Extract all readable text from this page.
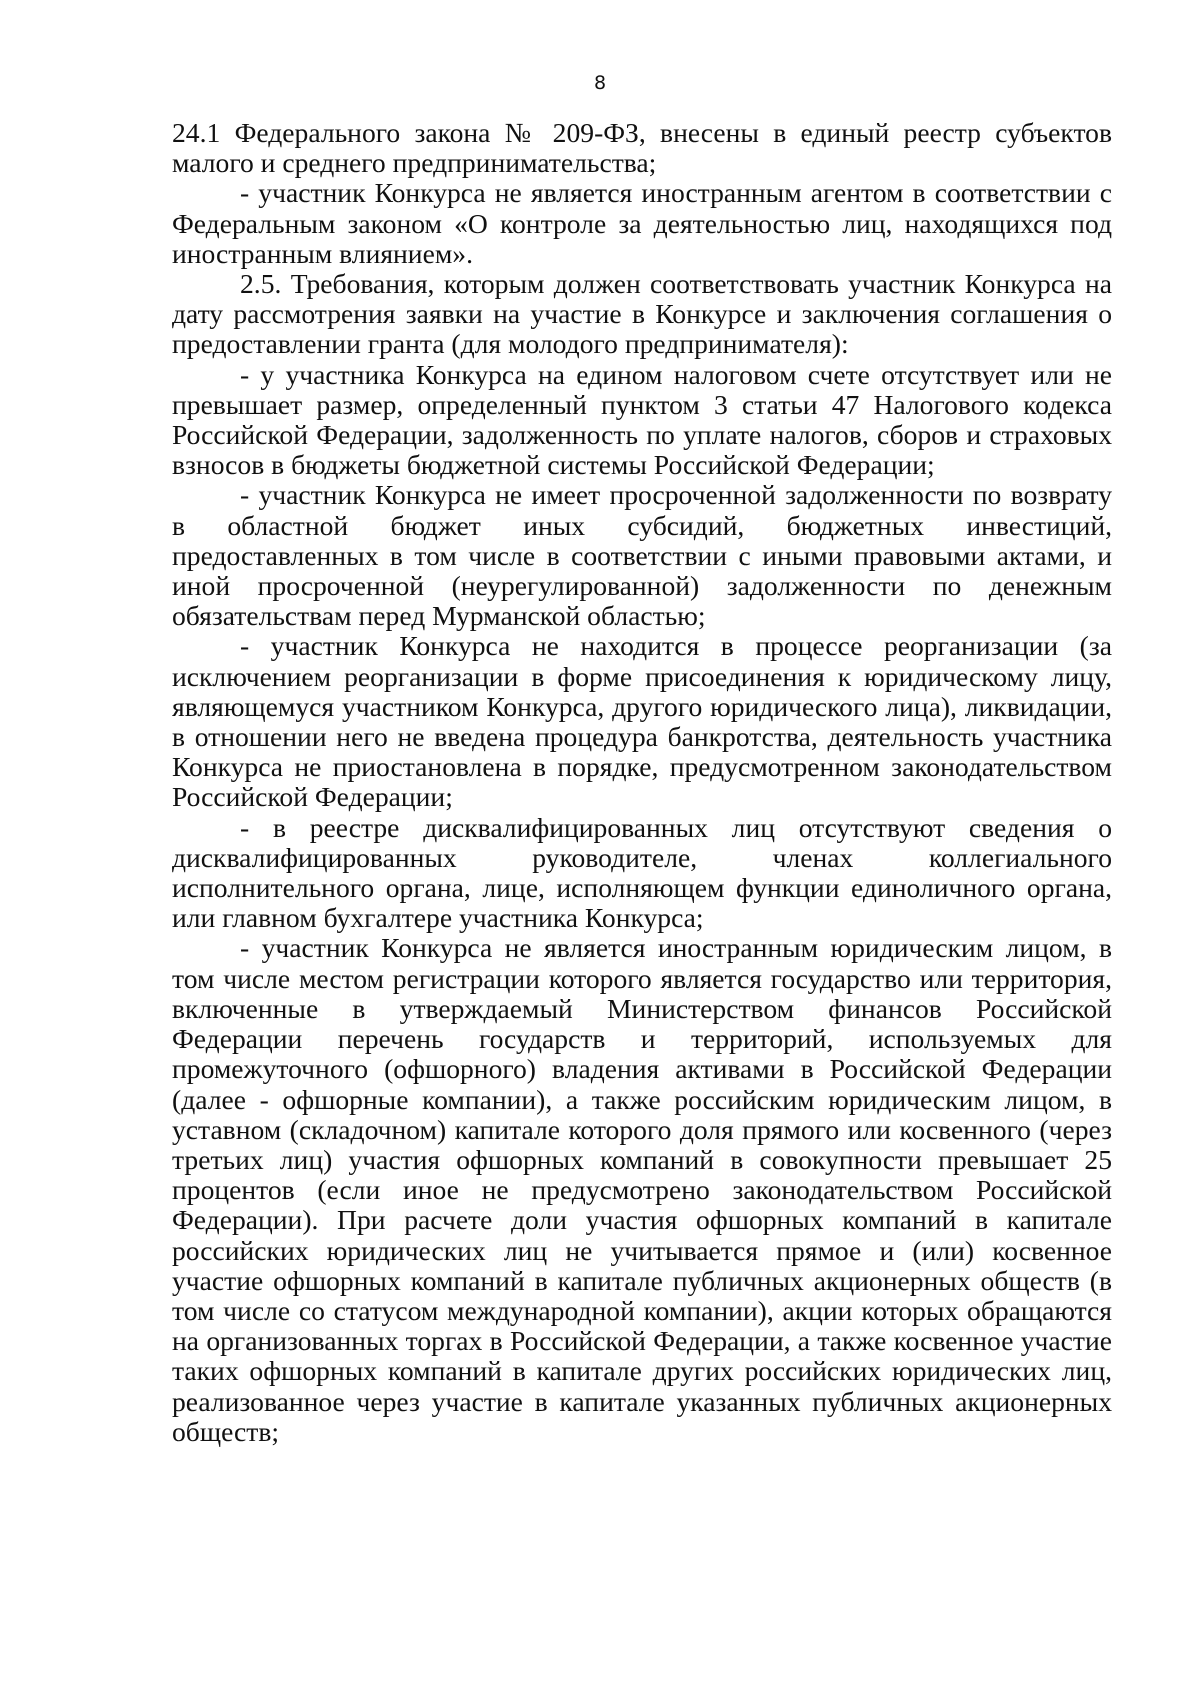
8

24.1 Федерального закона № 209-ФЗ, внесены в единый реестр субъектов малого и среднего предпринимательства;

- участник Конкурса не является иностранным агентом в соответствии с Федеральным законом «О контроле за деятельностью лиц, находящихся под иностранным влиянием».

2.5. Требования, которым должен соответствовать участник Конкурса на дату рассмотрения заявки на участие в Конкурсе и заключения соглашения о предоставлении гранта (для молодого предпринимателя):

- у участника Конкурса на едином налоговом счете отсутствует или не превышает размер, определенный пунктом 3 статьи 47 Налогового кодекса Российской Федерации, задолженность по уплате налогов, сборов и страховых взносов в бюджеты бюджетной системы Российской Федерации;

- участник Конкурса не имеет просроченной задолженности по возврату в областной бюджет иных субсидий, бюджетных инвестиций, предоставленных в том числе в соответствии с иными правовыми актами, и иной просроченной (неурегулированной) задолженности по денежным обязательствам перед Мурманской областью;

- участник Конкурса не находится в процессе реорганизации (за исключением реорганизации в форме присоединения к юридическому лицу, являющемуся участником Конкурса, другого юридического лица), ликвидации, в отношении него не введена процедура банкротства, деятельность участника Конкурса не приостановлена в порядке, предусмотренном законодательством Российской Федерации;

- в реестре дисквалифицированных лиц отсутствуют сведения о дисквалифицированных руководителе, членах коллегиального исполнительного органа, лице, исполняющем функции единоличного органа, или главном бухгалтере участника Конкурса;

- участник Конкурса не является иностранным юридическим лицом, в том числе местом регистрации которого является государство или территория, включенные в утверждаемый Министерством финансов Российской Федерации перечень государств и территорий, используемых для промежуточного (офшорного) владения активами в Российской Федерации (далее - офшорные компании), а также российским юридическим лицом, в уставном (складочном) капитале которого доля прямого или косвенного (через третьих лиц) участия офшорных компаний в совокупности превышает 25 процентов (если иное не предусмотрено законодательством Российской Федерации). При расчете доли участия офшорных компаний в капитале российских юридических лиц не учитывается прямое и (или) косвенное участие офшорных компаний в капитале публичных акционерных обществ (в том числе со статусом международной компании), акции которых обращаются на организованных торгах в Российской Федерации, а также косвенное участие таких офшорных компаний в капитале других российских юридических лиц, реализованное через участие в капитале указанных публичных акционерных обществ;
